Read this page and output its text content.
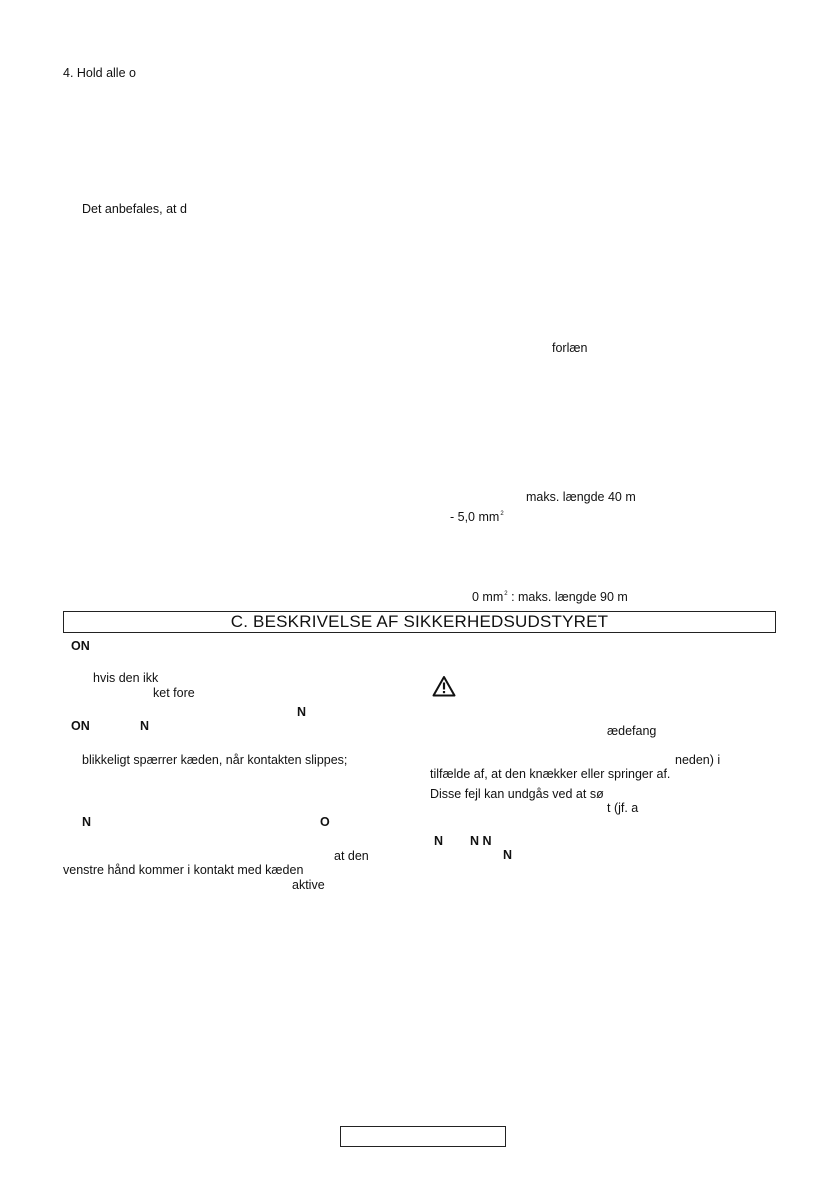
4. Hold alle o
Det anbefales, at d
forlæn
maks. længde 40 m
- 5,0 $mm^2$
0 $mm^2$ : maks. længde 90 m
C. BESKRIVELSE AF SIKKERHEDSUDSTYRET
ON
hvis den ikk
ket fore
N
ON	N
blikkeligt spærrer kæden, når kontakten slippes;
N	O
at den
venstre hånd kommer i kontakt med kæden
aktive
ædefang
neden) i
tilfælde af, at den knækker eller springer af.
Disse fejl kan undgås ved at sø
t (jf. a
N N N
N
